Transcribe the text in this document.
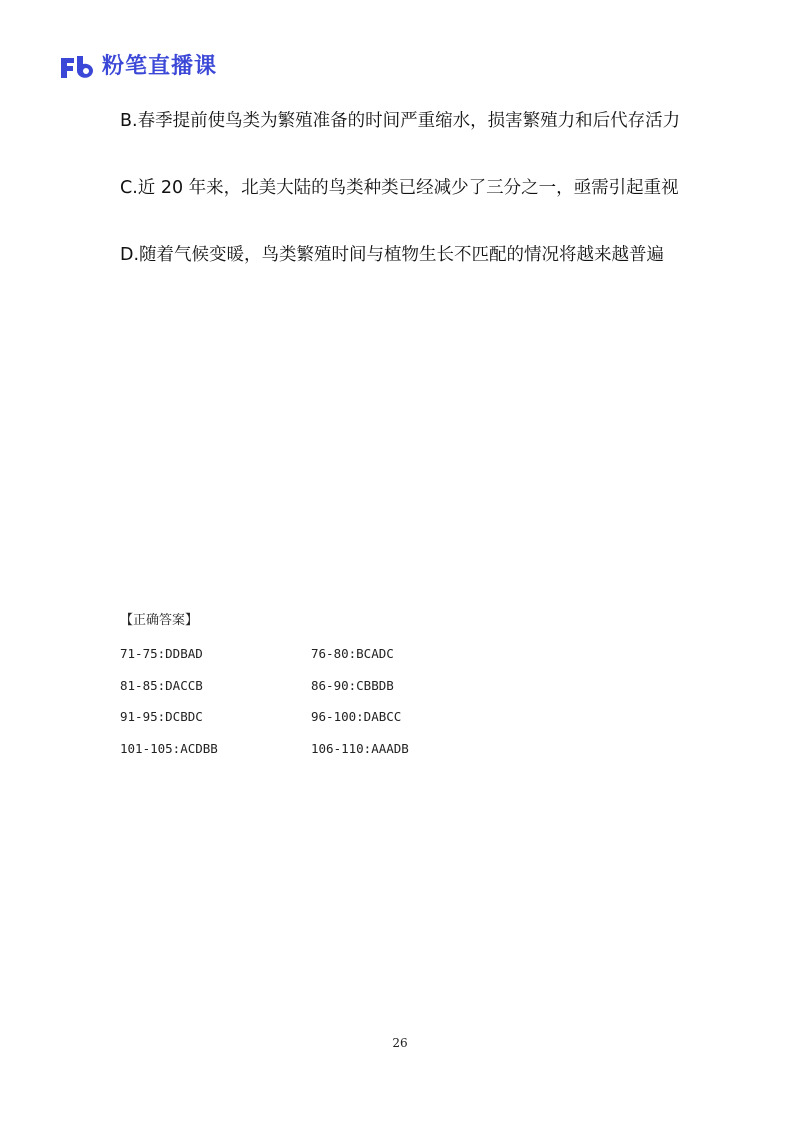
粉笔直播课

B.春季提前使鸟类为繁殖准备的时间严重缩水，损害繁殖力和后代存活力

C.近 20 年来，北美大陆的鸟类种类已经减少了三分之一，亟需引起重视

D.随着气候变暖，鸟类繁殖时间与植物生长不匹配的情况将越来越普遍

【正确答案】
71-75:DDBAD	76-80:BCADC
81-85:DACCB	86-90:CBBDB
91-95:DCBDC	96-100:DABCC
101-105:ACDBB	106-110:AAADB
26
